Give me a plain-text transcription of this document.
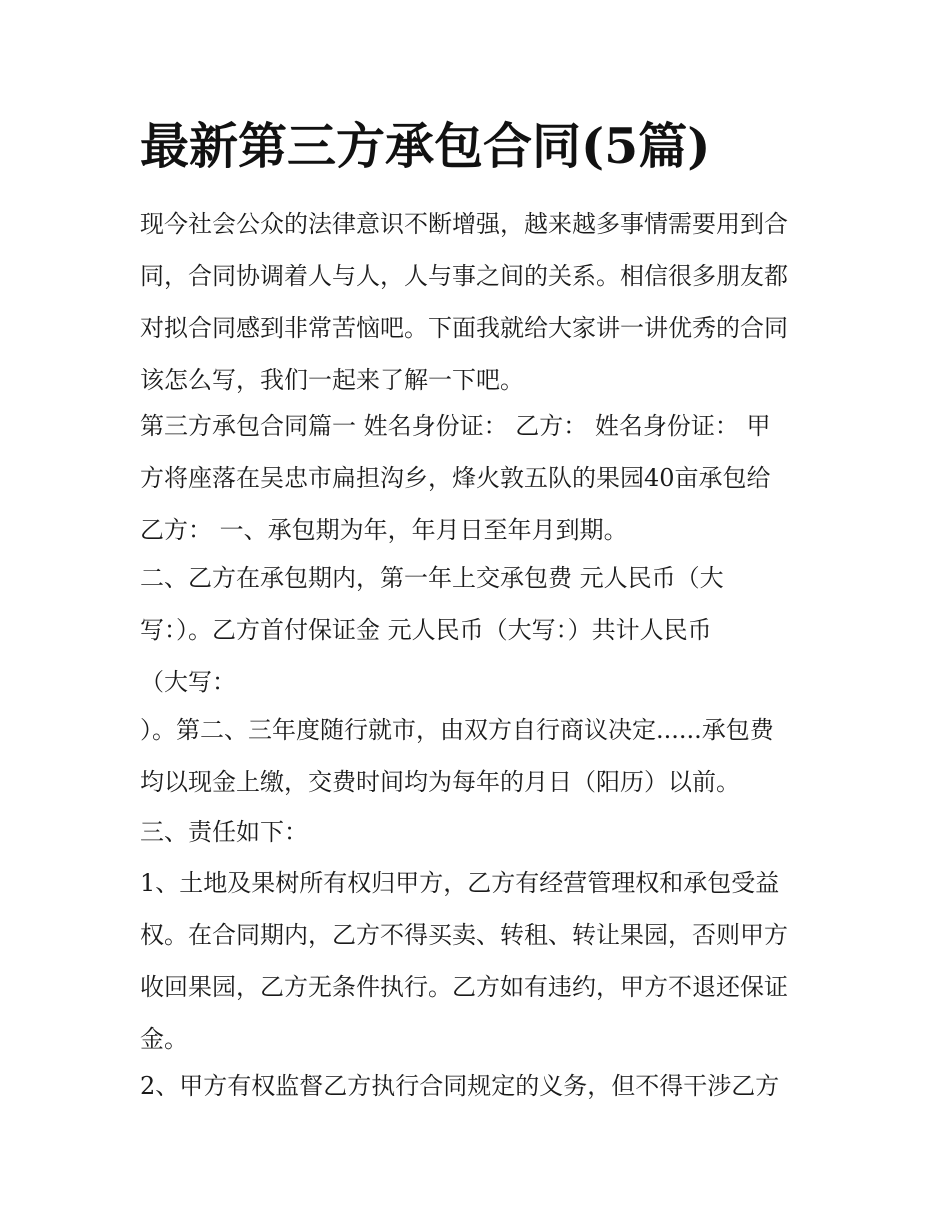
最新第三方承包合同(5篇)

现今社会公众的法律意识不断增强，越来越多事情需要用到合
同，合同协调着人与人，人与事之间的关系。相信很多朋友都
对拟合同感到非常苦恼吧。下面我就给大家讲一讲优秀的合同
该怎么写，我们一起来了解一下吧。

第三方承包合同篇一 姓名身份证： 乙方： 姓名身份证： 甲
方将座落在吴忠市扁担沟乡，烽火敦五队的果园40亩承包给
乙方： 一、承包期为年，年月日至年月到期。

二、乙方在承包期内，第一年上交承包费 元人民币（大
写：）。乙方首付保证金 元人民币（大写：）共计人民币
（大写：

）。第二、三年度随行就市，由双方自行商议决定......承包费
均以现金上缴，交费时间均为每年的月日（阳历）以前。

三、责任如下：

1、土地及果树所有权归甲方，乙方有经营管理权和承包受益
权。在合同期内，乙方不得买卖、转租、转让果园，否则甲方
收回果园，乙方无条件执行。乙方如有违约，甲方不退还保证
金。

2、甲方有权监督乙方执行合同规定的义务，但不得干涉乙方
